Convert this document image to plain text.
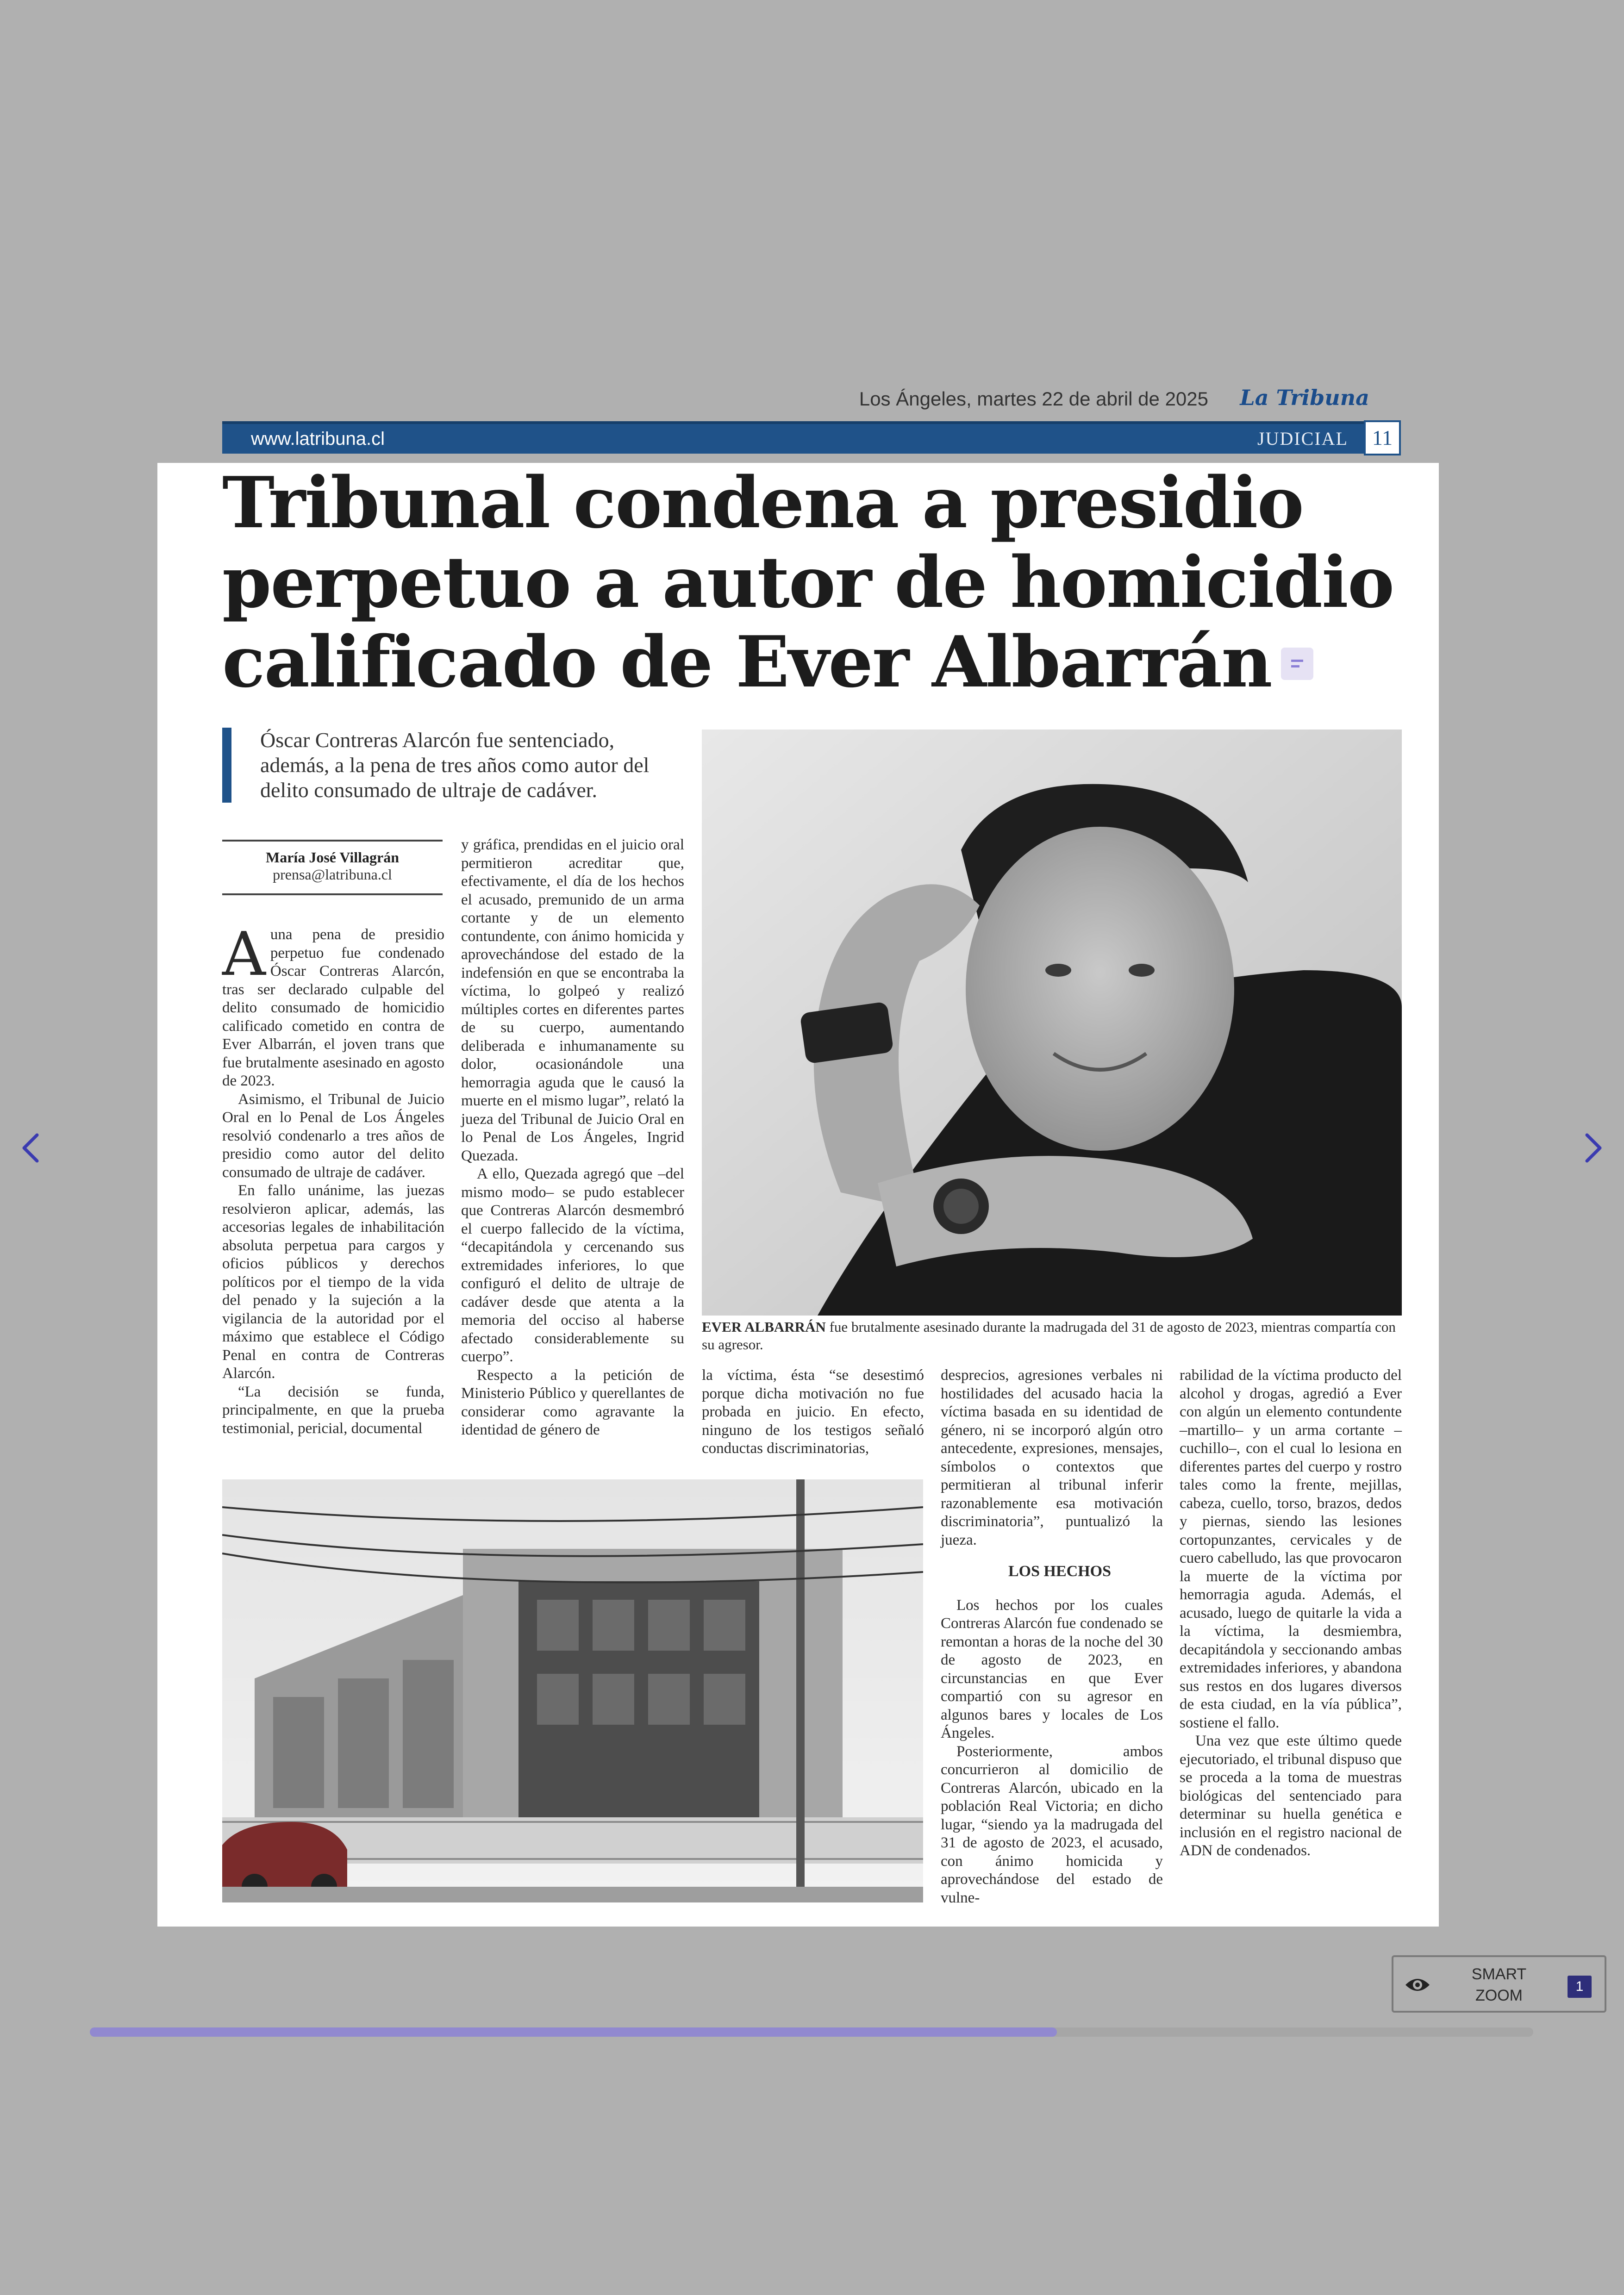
Los Ángeles, martes 22 de abril de 2025 La Tribuna
www.latribuna.cl	JUDICIAL	11
Tribunal condena a presidio perpetuo a autor de homicidio calificado de Ever Albarrán
Óscar Contreras Alarcón fue sentenciado, además, a la pena de tres años como autor del delito consumado de ultraje de cadáver.
María José Villagrán
prensa@latribuna.cl

Auna pena de presidio perpetuo fue condenado Óscar Contreras Alarcón, tras ser declarado culpable del delito consumado de homicidio calificado cometido en contra de Ever Albarrán, el joven trans que fue brutalmente asesinado en agosto de 2023.

Asimismo, el Tribunal de Juicio Oral en lo Penal de Los Ángeles resolvió condenarlo a tres años de presidio como autor del delito consumado de ultraje de cadáver.

En fallo unánime, las juezas resolvieron aplicar, además, las accesorias legales de inhabilitación absoluta perpetua para cargos y oficios públicos y derechos políticos por el tiempo de la vida del penado y la sujeción a la vigilancia de la autoridad por el máximo que establece el Código Penal en contra de Contreras Alarcón.

“La decisión se funda, principalmente, en que la prueba testimonial, pericial, documental

y gráfica, prendidas en el juicio oral permitieron acreditar que, efectivamente, el día de los hechos el acusado, premunido de un arma cortante y de un elemento contundente, con ánimo homicida y aprovechándose del estado de la indefensión en que se encontraba la víctima, lo golpeó y realizó múltiples cortes en diferentes partes de su cuerpo, aumentando deliberada e inhumanamente su dolor, ocasionándole una hemorragia aguda que le causó la muerte en el mismo lugar”, relató la jueza del Tribunal de Juicio Oral en lo Penal de Los Ángeles, Ingrid Quezada.

A ello, Quezada agregó que –del mismo modo– se pudo establecer que Contreras Alarcón desmembró el cuerpo fallecido de la víctima, “decapitándola y cercenando sus extremidades inferiores, lo que configuró el delito de ultraje de cadáver desde que atenta a la memoria del occiso al haberse afectado considerablemente su cuerpo”.

Respecto a la petición de Ministerio Público y querellantes de considerar como agravante la identidad de género de

EVER ALBARRÁN fue brutalmente asesinado durante la madrugada del 31 de agosto de 2023, mientras compartía con su agresor.

la víctima, ésta “se desestimó porque dicha motivación no fue probada en juicio. En efecto, ninguno de los testigos señaló conductas discriminatorias,

desprecios, agresiones verbales ni hostilidades del acusado hacia la víctima basada en su identidad de género, ni se incorporó algún otro antecedente, expresiones, mensajes, símbolos o contextos que permitieran al tribunal inferir razonablemente esa motivación discriminatoria”, puntualizó la jueza.

LOS HECHOS

Los hechos por los cuales Contreras Alarcón fue condenado se remontan a horas de la noche del 30 de agosto de 2023, en circunstancias en que Ever compartió con su agresor en algunos bares y locales de Los Ángeles.

Posteriormente, ambos concurrieron al domicilio de Contreras Alarcón, ubicado en la población Real Victoria; en dicho lugar, “siendo ya la madrugada del 31 de agosto de 2023, el acusado, con ánimo homicida y aprovechándose del estado de vulne-

rabilidad de la víctima producto del alcohol y drogas, agredió a Ever con algún un elemento contundente –martillo– y un arma cortante –cuchillo–, con el cual lo lesiona en diferentes partes del cuerpo y rostro tales como la frente, mejillas, cabeza, cuello, torso, brazos, dedos y piernas, siendo las lesiones cortopunzantes, cervicales y de cuero cabelludo, las que provocaron la muerte de la víctima por hemorragia aguda. Además, el acusado, luego de quitarle la vida a la víctima, la desmiembra, decapitándola y seccionando ambas extremidades inferiores, y abandona sus restos en dos lugares diversos de esta ciudad, en la vía pública”, sostiene el fallo.

Una vez que este último quede ejecutoriado, el tribunal dispuso que se proceda a la toma de muestras biológicas del sentenciado para determinar su huella genética e inclusión en el registro nacional de ADN de condenados.

SMART ZOOM
1
